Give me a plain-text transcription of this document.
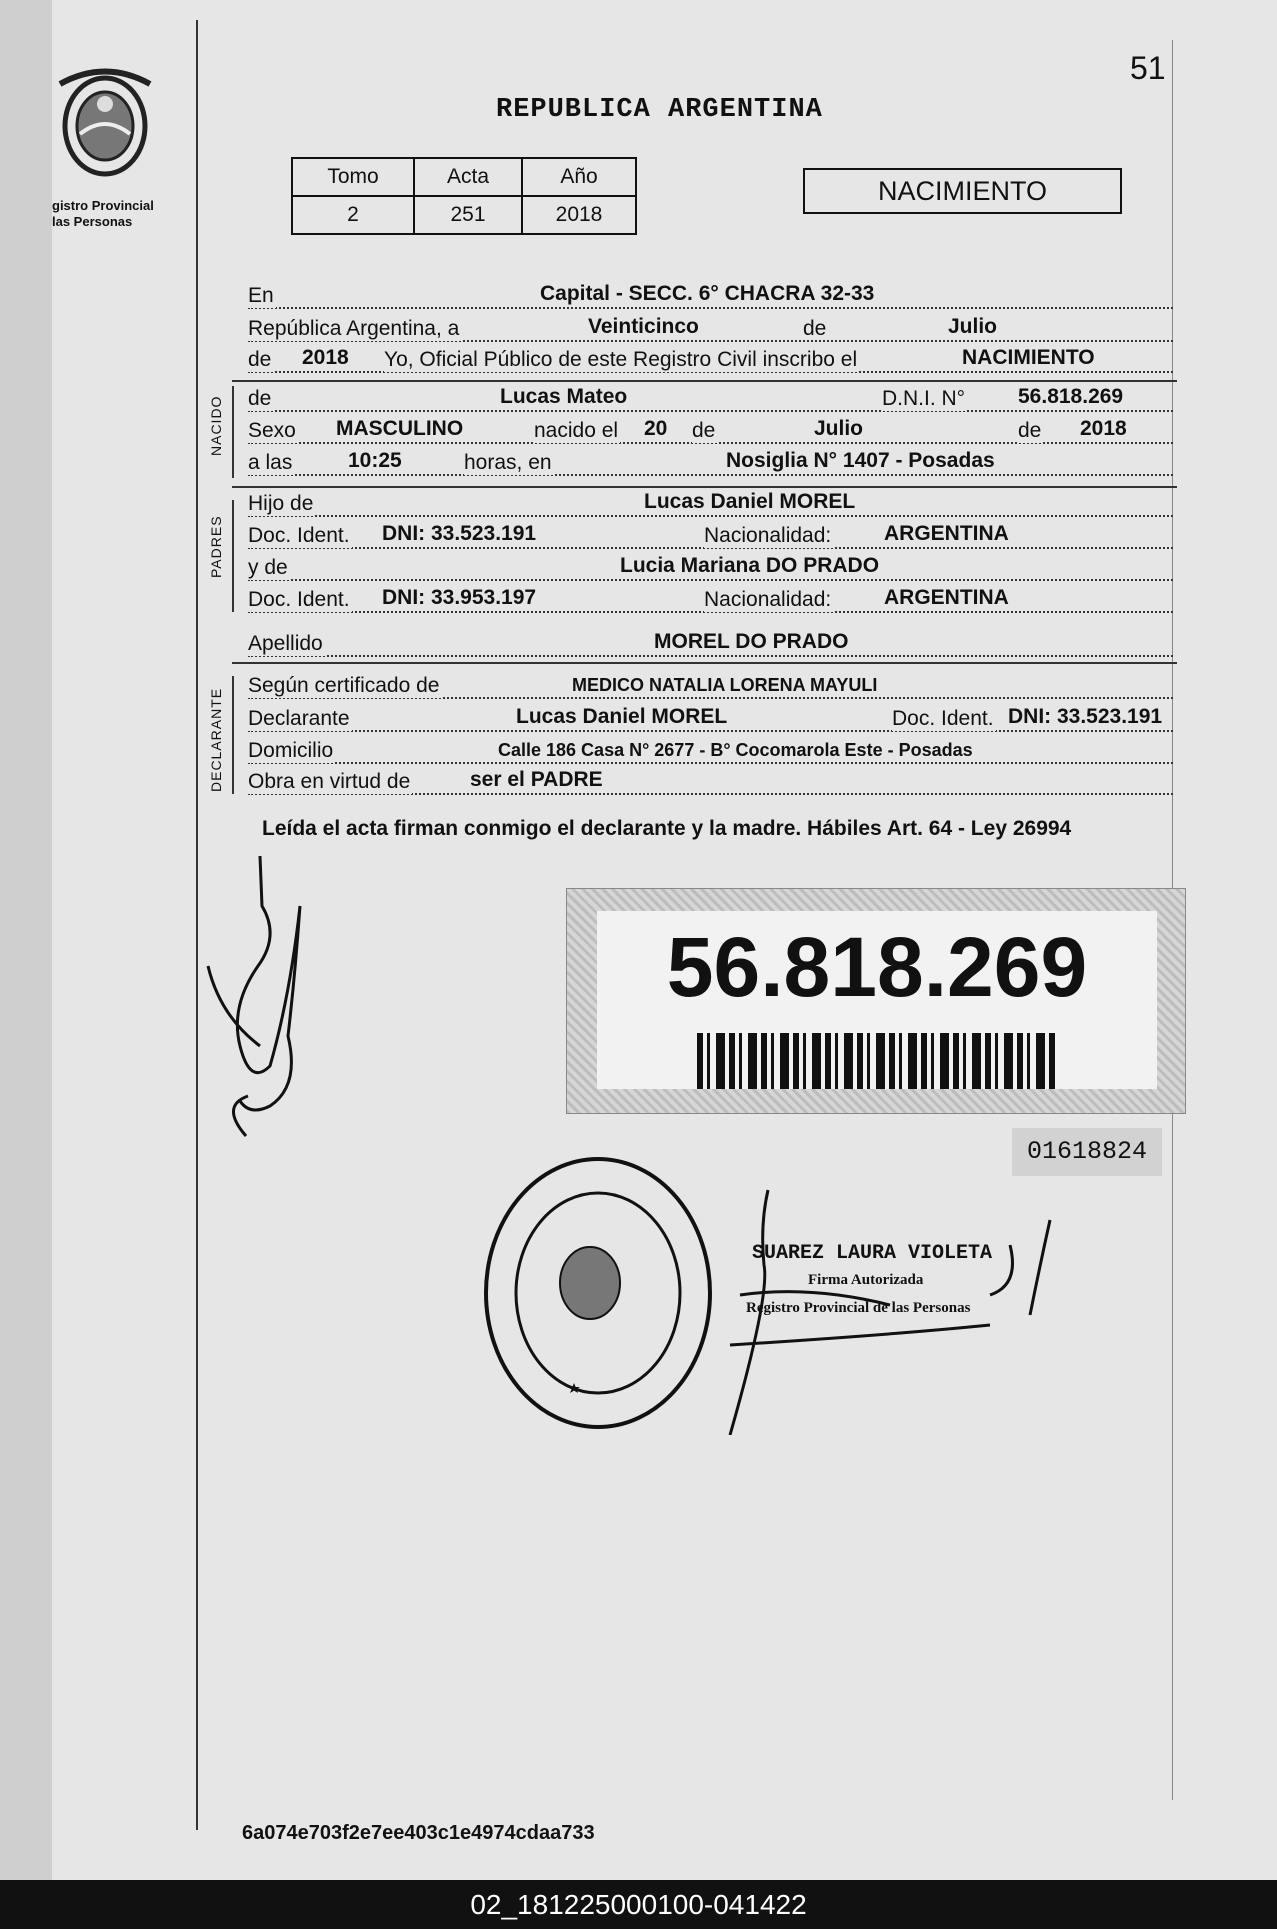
gistro Provincial
las Personas
51
REPUBLICA ARGENTINA
Tomo	Acta	Año
2	251	2018
NACIMIENTO
En	Capital - SECC. 6° CHACRA 32-33
República Argentina, a	Veinticinco	de	Julio
de 2018 Yo, Oficial Público de este Registro Civil inscribo el	NACIMIENTO
NACIDO de	Lucas Mateo	D.N.I. N°	56.818.269
Sexo MASCULINO	nacido el 20 de	Julio	de 2018
a las	10:25	horas, en	Nosiglia N° 1407 - Posadas
PADRES
Hijo de	Lucas Daniel MOREL
Doc. Ident. DNI: 33.523.191	Nacionalidad:	ARGENTINA
y de	Lucia Mariana DO PRADO
Doc. Ident. DNI: 33.953.197	Nacionalidad:	ARGENTINA
Apellido	MOREL DO PRADO
DECLARANTE
Según certificado de	MEDICO NATALIA LORENA MAYULI
Declarante	Lucas Daniel MOREL	Doc. Ident. DNI: 33.523.191
Domicilio	Calle 186 Casa N° 2677 - B° Cocomarola Este - Posadas
Obra en virtud de	ser el PADRE
Leída el acta firman conmigo el declarante y la madre. Hábiles Art. 64 - Ley 26994
56.818.269
01618824
SUAREZ LAURA VIOLETA
Firma Autorizada
Registro Provincial de las Personas
6a074e703f2e7ee403c1e4974cdaa733
02_181225000100-041422
